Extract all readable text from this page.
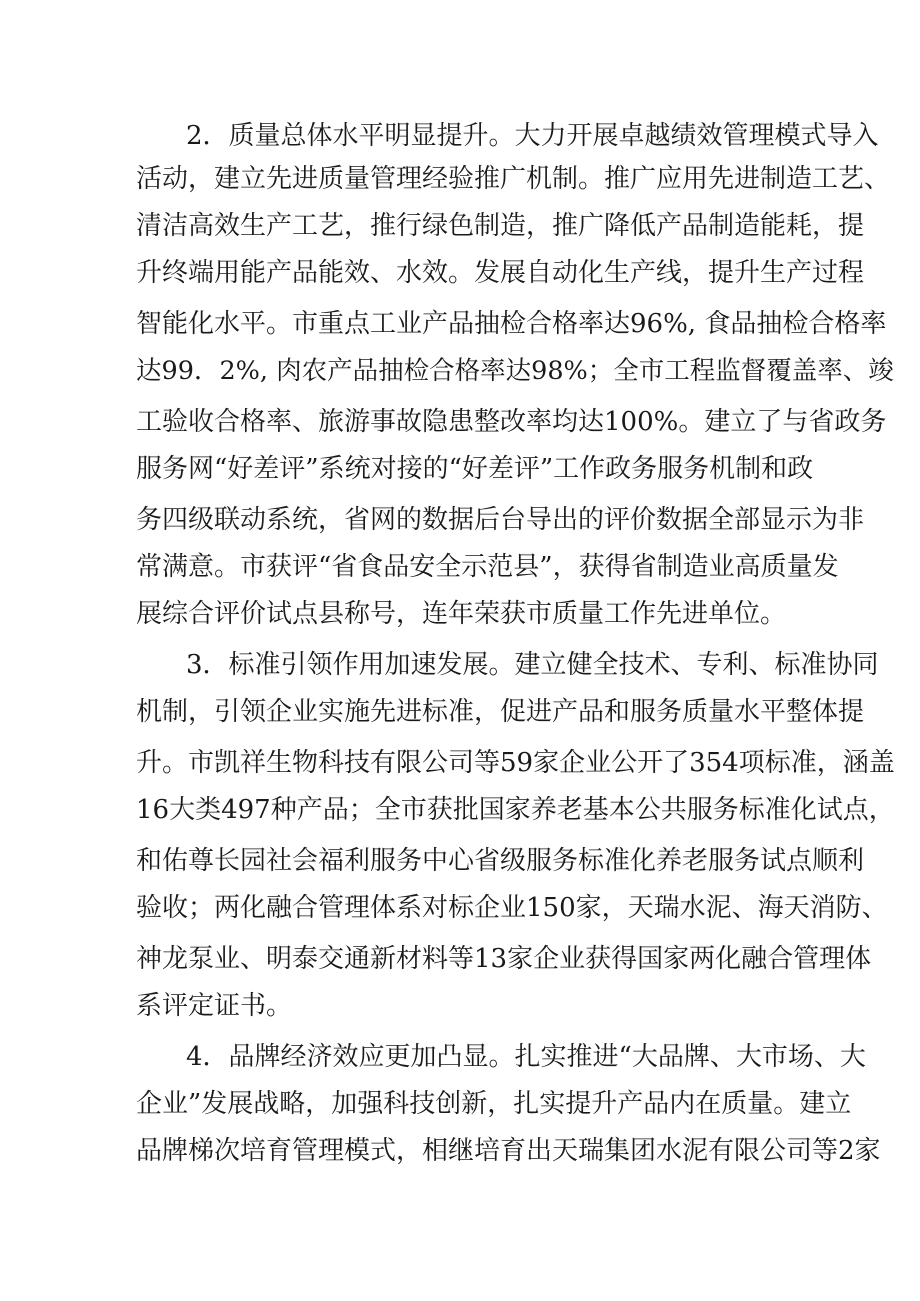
2．质量总体水平明显提升。大力开展卓越绩效管理模式导入
活动，建立先进质量管理经验推广机制。推广应用先进制造工艺、
清洁高效生产工艺，推行绿色制造，推广降低产品制造能耗，提
升终端用能产品能效、水效。发展自动化生产线，提升生产过程
智能化水平。市重点工业产品抽检合格率达96%, 食品抽检合格率
达99．2%, 肉农产品抽检合格率达98%；全市工程监督覆盖率、竣
工验收合格率、旅游事故隐患整改率均达100%。建立了与省政务
服务网“好差评”系统对接的“好差评”工作政务服务机制和政
务四级联动系统，省网的数据后台导出的评价数据全部显示为非
常满意。市获评“省食品安全示范县”，获得省制造业高质量发
展综合评价试点县称号，连年荣获市质量工作先进单位。
3．标准引领作用加速发展。建立健全技术、专利、标准协同
机制，引领企业实施先进标准，促进产品和服务质量水平整体提
升。市凯祥生物科技有限公司等59家企业公开了354项标准，涵盖
16大类497种产品；全市获批国家养老基本公共服务标准化试点，
和佑尊长园社会福利服务中心省级服务标准化养老服务试点顺利
验收；两化融合管理体系对标企业150家，天瑞水泥、海天消防、
神龙泵业、明泰交通新材料等13家企业获得国家两化融合管理体
系评定证书。
4．品牌经济效应更加凸显。扎实推进“大品牌、大市场、大
企业”发展战略，加强科技创新，扎实提升产品内在质量。建立
品牌梯次培育管理模式，相继培育出天瑞集团水泥有限公司等2家
